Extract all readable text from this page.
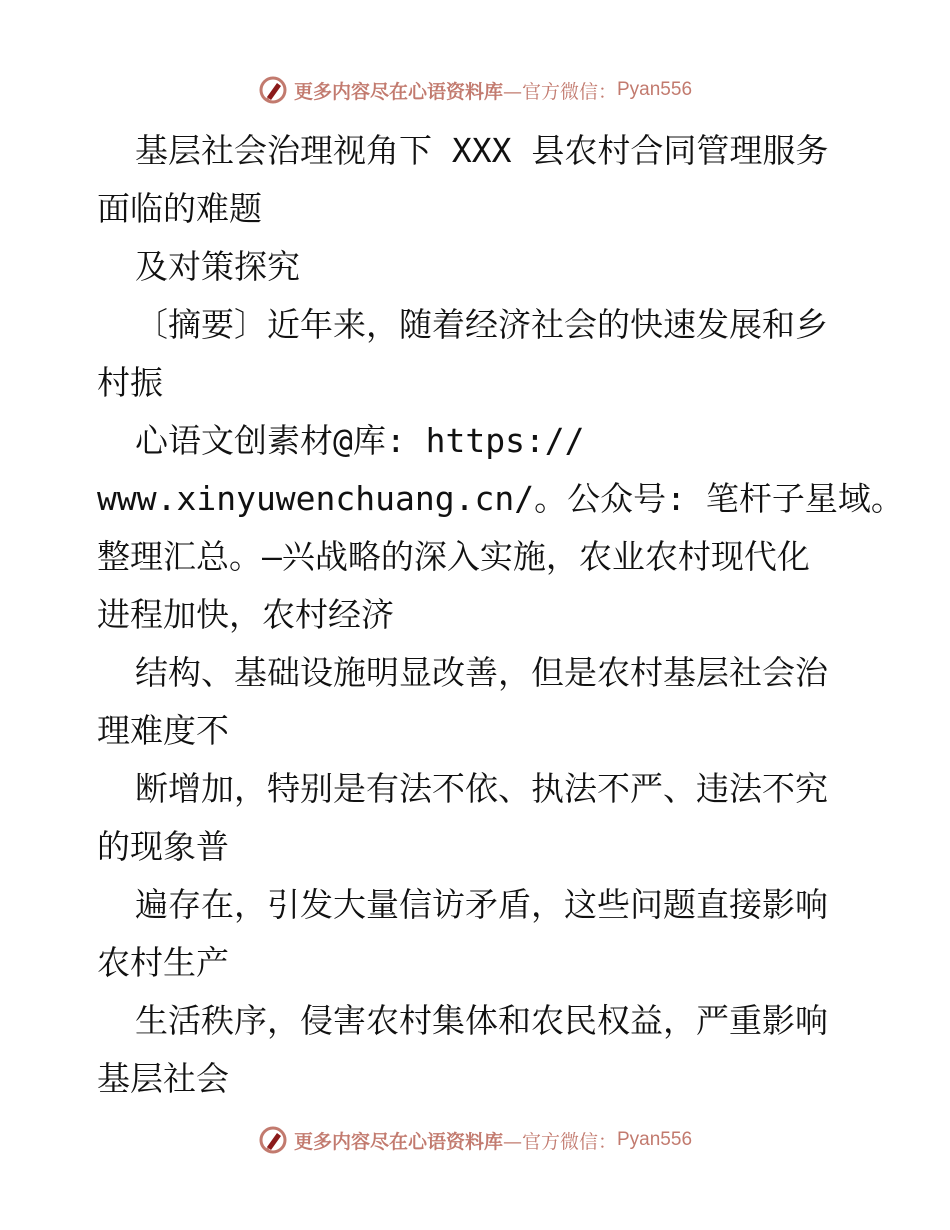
更多内容尽在心语资料库 —官方微信： Pyan556
基层社会治理视角下 XXX 县农村合同管理服务
面临的难题
及对策探究
〔摘要〕近年来，随着经济社会的快速发展和乡
村振
心语文创素材@库: https://
www.xinyuwenchuang.cn/。公众号: 笔杆子星域。
整理汇总。—兴战略的深入实施，农业农村现代化
进程加快，农村经济
结构、基础设施明显改善，但是农村基层社会治
理难度不
断增加，特别是有法不依、执法不严、违法不究
的现象普
遍存在，引发大量信访矛盾，这些问题直接影响
农村生产
生活秩序，侵害农村集体和农民权益，严重影响
基层社会
更多内容尽在心语资料库 —官方微信： Pyan556
